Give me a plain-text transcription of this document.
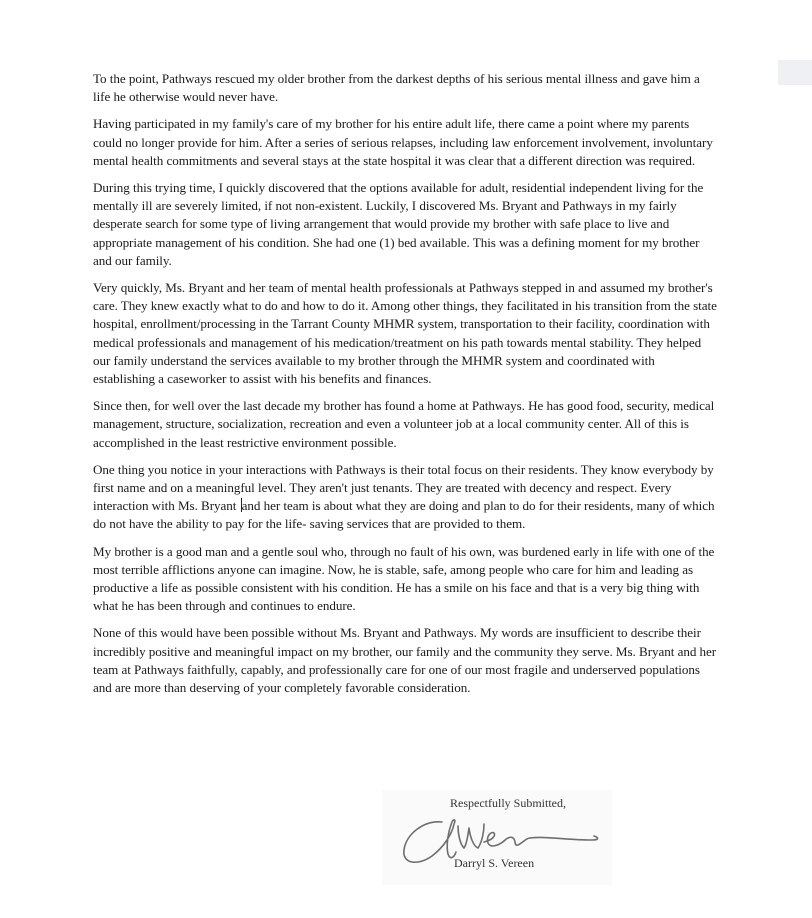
To the point, Pathways rescued my older brother from the darkest depths of his serious mental illness and gave him a life he otherwise would never have.

Having participated in my family's care of my brother for his entire adult life, there came a point where my parents could no longer provide for him. After a series of serious relapses, including law enforcement involvement, involuntary mental health commitments and several stays at the state hospital it was clear that a different direction was required.

During this trying time, I quickly discovered that the options available for adult, residential independent living for the mentally ill are severely limited, if not non-existent. Luckily, I discovered Ms. Bryant and Pathways in my fairly desperate search for some type of living arrangement that would provide my brother with safe place to live and appropriate management of his condition. She had one (1) bed available. This was a defining moment for my brother and our family.

Very quickly, Ms. Bryant and her team of mental health professionals at Pathways stepped in and assumed my brother's care. They knew exactly what to do and how to do it. Among other things, they facilitated in his transition from the state hospital, enrollment/processing in the Tarrant County MHMR system, transportation to their facility, coordination with medical professionals and management of his medication/treatment on his path towards mental stability. They helped our family understand the services available to my brother through the MHMR system and coordinated with establishing a caseworker to assist with his benefits and finances.

Since then, for well over the last decade my brother has found a home at Pathways. He has good food, security, medical management, structure, socialization, recreation and even a volunteer job at a local community center. All of this is accomplished in the least restrictive environment possible.

One thing you notice in your interactions with Pathways is their total focus on their residents. They know everybody by first name and on a meaningful level. They aren't just tenants. They are treated with decency and respect. Every interaction with Ms. Bryant and her team is about what they are doing and plan to do for their residents, many of which do not have the ability to pay for the life- saving services that are provided to them.

My brother is a good man and a gentle soul who, through no fault of his own, was burdened early in life with one of the most terrible afflictions anyone can imagine. Now, he is stable, safe, among people who care for him and leading as productive a life as possible consistent with his condition. He has a smile on his face and that is a very big thing with what he has been through and continues to endure.

None of this would have been possible without Ms. Bryant and Pathways. My words are insufficient to describe their incredibly positive and meaningful impact on my brother, our family and the community they serve. Ms. Bryant and her team at Pathways faithfully, capably, and professionally care for one of our most fragile and underserved populations and are more than deserving of your completely favorable consideration.

Respectfully Submitted,
Darryl S. Vereen
